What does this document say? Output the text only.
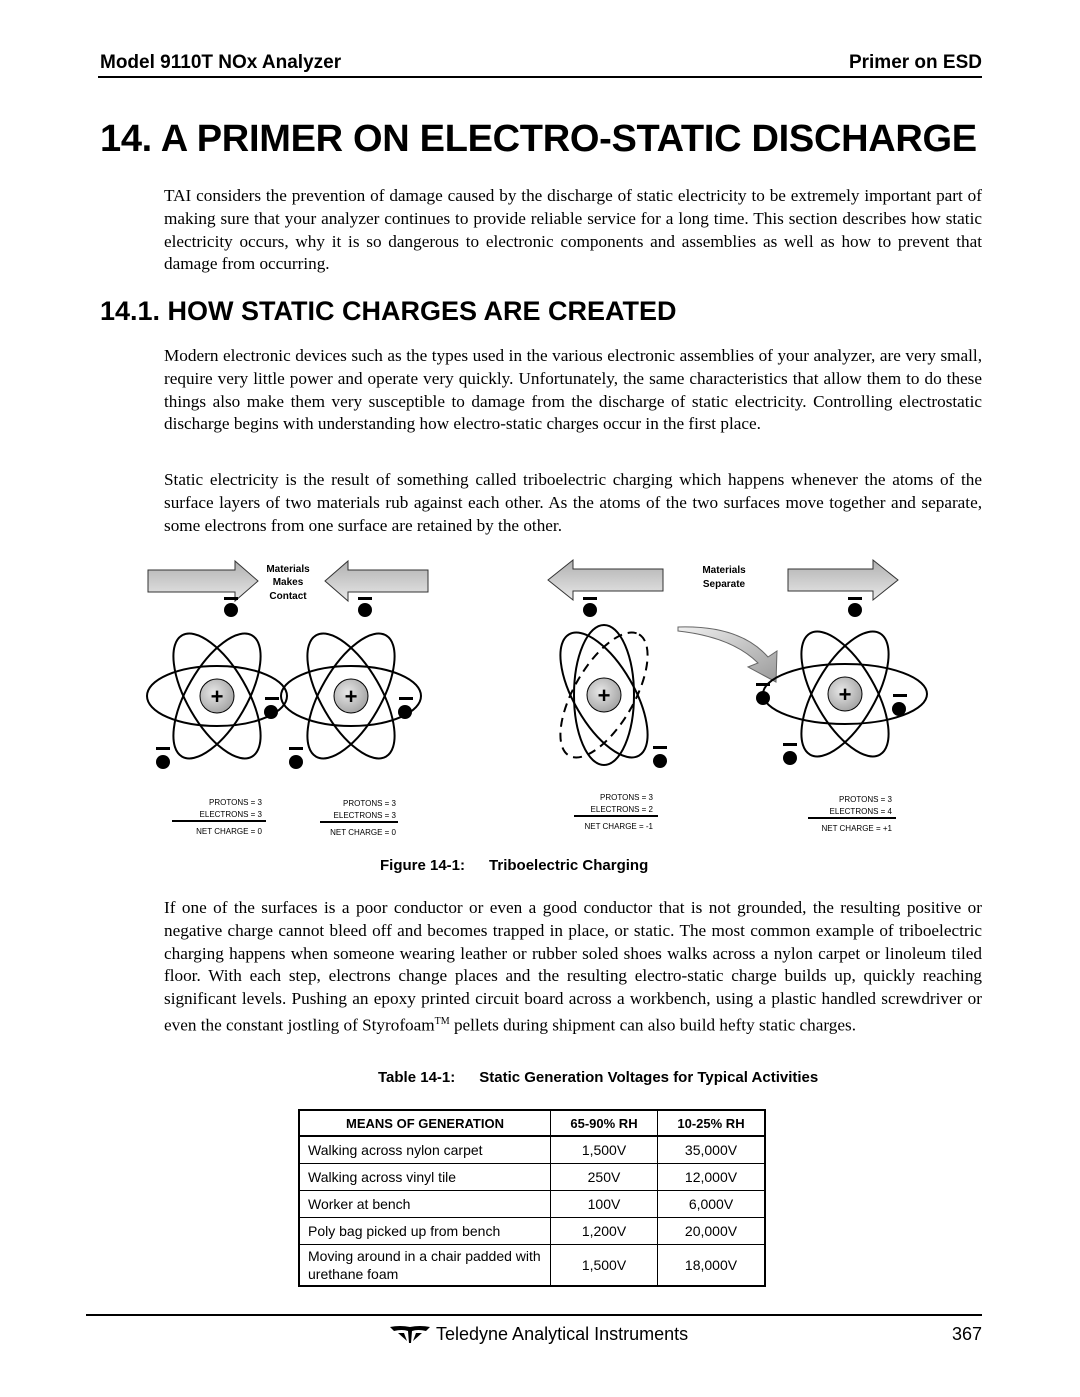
Model 9110T NOx Analyzer	Primer on ESD
14. A PRIMER ON ELECTRO-STATIC DISCHARGE

TAI considers the prevention of damage caused by the discharge of static electricity to be extremely important part of making sure that your analyzer continues to provide reliable service for a long time. This section describes how static electricity occurs, why it is so dangerous to electronic components and assemblies as well as how to prevent that damage from occurring.

14.1. HOW STATIC CHARGES ARE CREATED

Modern electronic devices such as the types used in the various electronic assemblies of your analyzer, are very small, require very little power and operate very quickly. Unfortunately, the same characteristics that allow them to do these things also make them very susceptible to damage from the discharge of static electricity. Controlling electrostatic discharge begins with understanding how electro-static charges occur in the first place.

Static electricity is the result of something called triboelectric charging which happens whenever the atoms of the surface layers of two materials rub against each other. As the atoms of the two surfaces move together and separate, some electrons from one surface are retained by the other.

Materials
Makes
Contact
Materials
Separate
+	+	+	+
PROTONS = 3
ELECTRONS = 3
NET CHARGE = 0
PROTONS = 3
ELECTRONS = 3
NET CHARGE = 0
PROTONS = 3
ELECTRONS = 2
NET CHARGE = -1
PROTONS = 3
ELECTRONS = 4
NET CHARGE = +1
Figure 14-1: Triboelectric Charging

If one of the surfaces is a poor conductor or even a good conductor that is not grounded, the resulting positive or negative charge cannot bleed off and becomes trapped in place, or static. The most common example of triboelectric charging happens when someone wearing leather or rubber soled shoes walks across a nylon carpet or linoleum tiled floor. With each step, electrons change places and the resulting electro-static charge builds up, quickly reaching significant levels. Pushing an epoxy printed circuit board across a workbench, using a plastic handled screwdriver or even the constant jostling of Styrofoam™ pellets during shipment can also build hefty static charges.

Table 14-1: Static Generation Voltages for Typical Activities
MEANS OF GENERATION	65-90% RH	10-25% RH
Walking across nylon carpet	1,500V	35,000V
Walking across vinyl tile	250V	12,000V
Worker at bench	100V	6,000V
Poly bag picked up from bench	1,200V	20,000V
Moving around in a chair padded with urethane foam	1,500V	18,000V
Teledyne Analytical Instruments	367
